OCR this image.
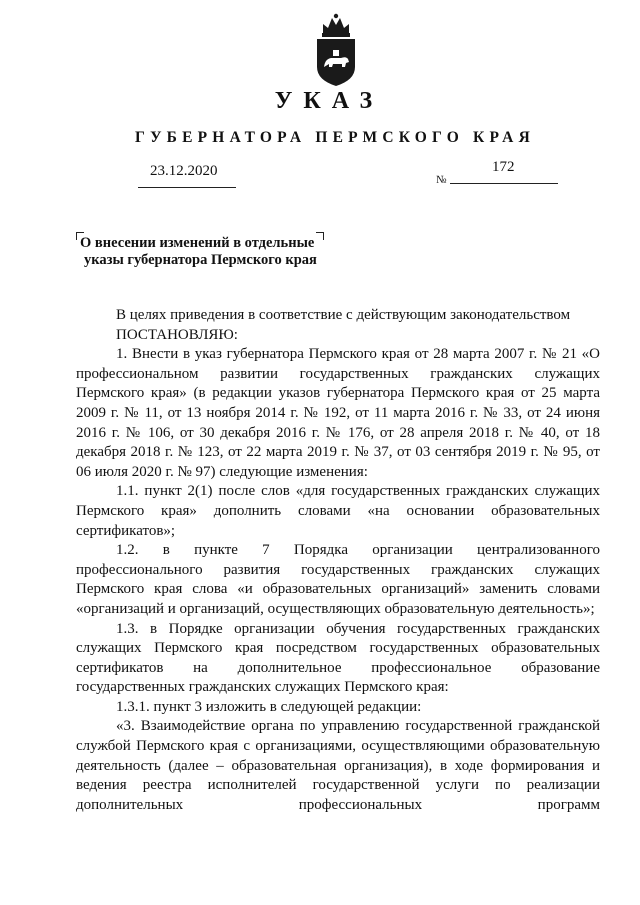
УКАЗ
ГУБЕРНАТОРА ПЕРМСКОГО КРАЯ
23.12.2020
№
172
О внесении изменений в отдельные
указы губернатора Пермского края

В целях приведения в соответствие с действующим законодательством

ПОСТАНОВЛЯЮ:

1. Внести в указ губернатора Пермского края от 28 марта 2007 г. № 21 «О профессиональном развитии государственных гражданских служащих Пермского края» (в редакции указов губернатора Пермского края от 25 марта 2009 г. № 11, от 13 ноября 2014 г. № 192, от 11 марта 2016 г. № 33, от 24 июня 2016 г. № 106, от 30 декабря 2016 г. № 176, от 28 апреля 2018 г. № 40, от 18 декабря 2018 г. № 123, от 22 марта 2019 г. № 37, от 03 сентября 2019 г. № 95, от 06 июля 2020 г. № 97) следующие изменения:

1.1. пункт 2(1) после слов «для государственных гражданских служащих Пермского края» дополнить словами «на основании образовательных сертификатов»;

1.2. в пункте 7 Порядка организации централизованного профессионального развития государственных гражданских служащих Пермского края слова «и образовательных организаций» заменить словами «организаций и организаций, осуществляющих образовательную деятельность»;

1.3. в Порядке организации обучения государственных гражданских служащих Пермского края посредством государственных образовательных сертификатов на дополнительное профессиональное образование государственных гражданских служащих Пермского края:

1.3.1. пункт 3 изложить в следующей редакции:

«3. Взаимодействие органа по управлению государственной гражданской службой Пермского края с организациями, осуществляющими образовательную деятельность (далее – образовательная организация), в ходе формирования и ведения реестра исполнителей государственной услуги по реализации дополнительных профессиональных программ
